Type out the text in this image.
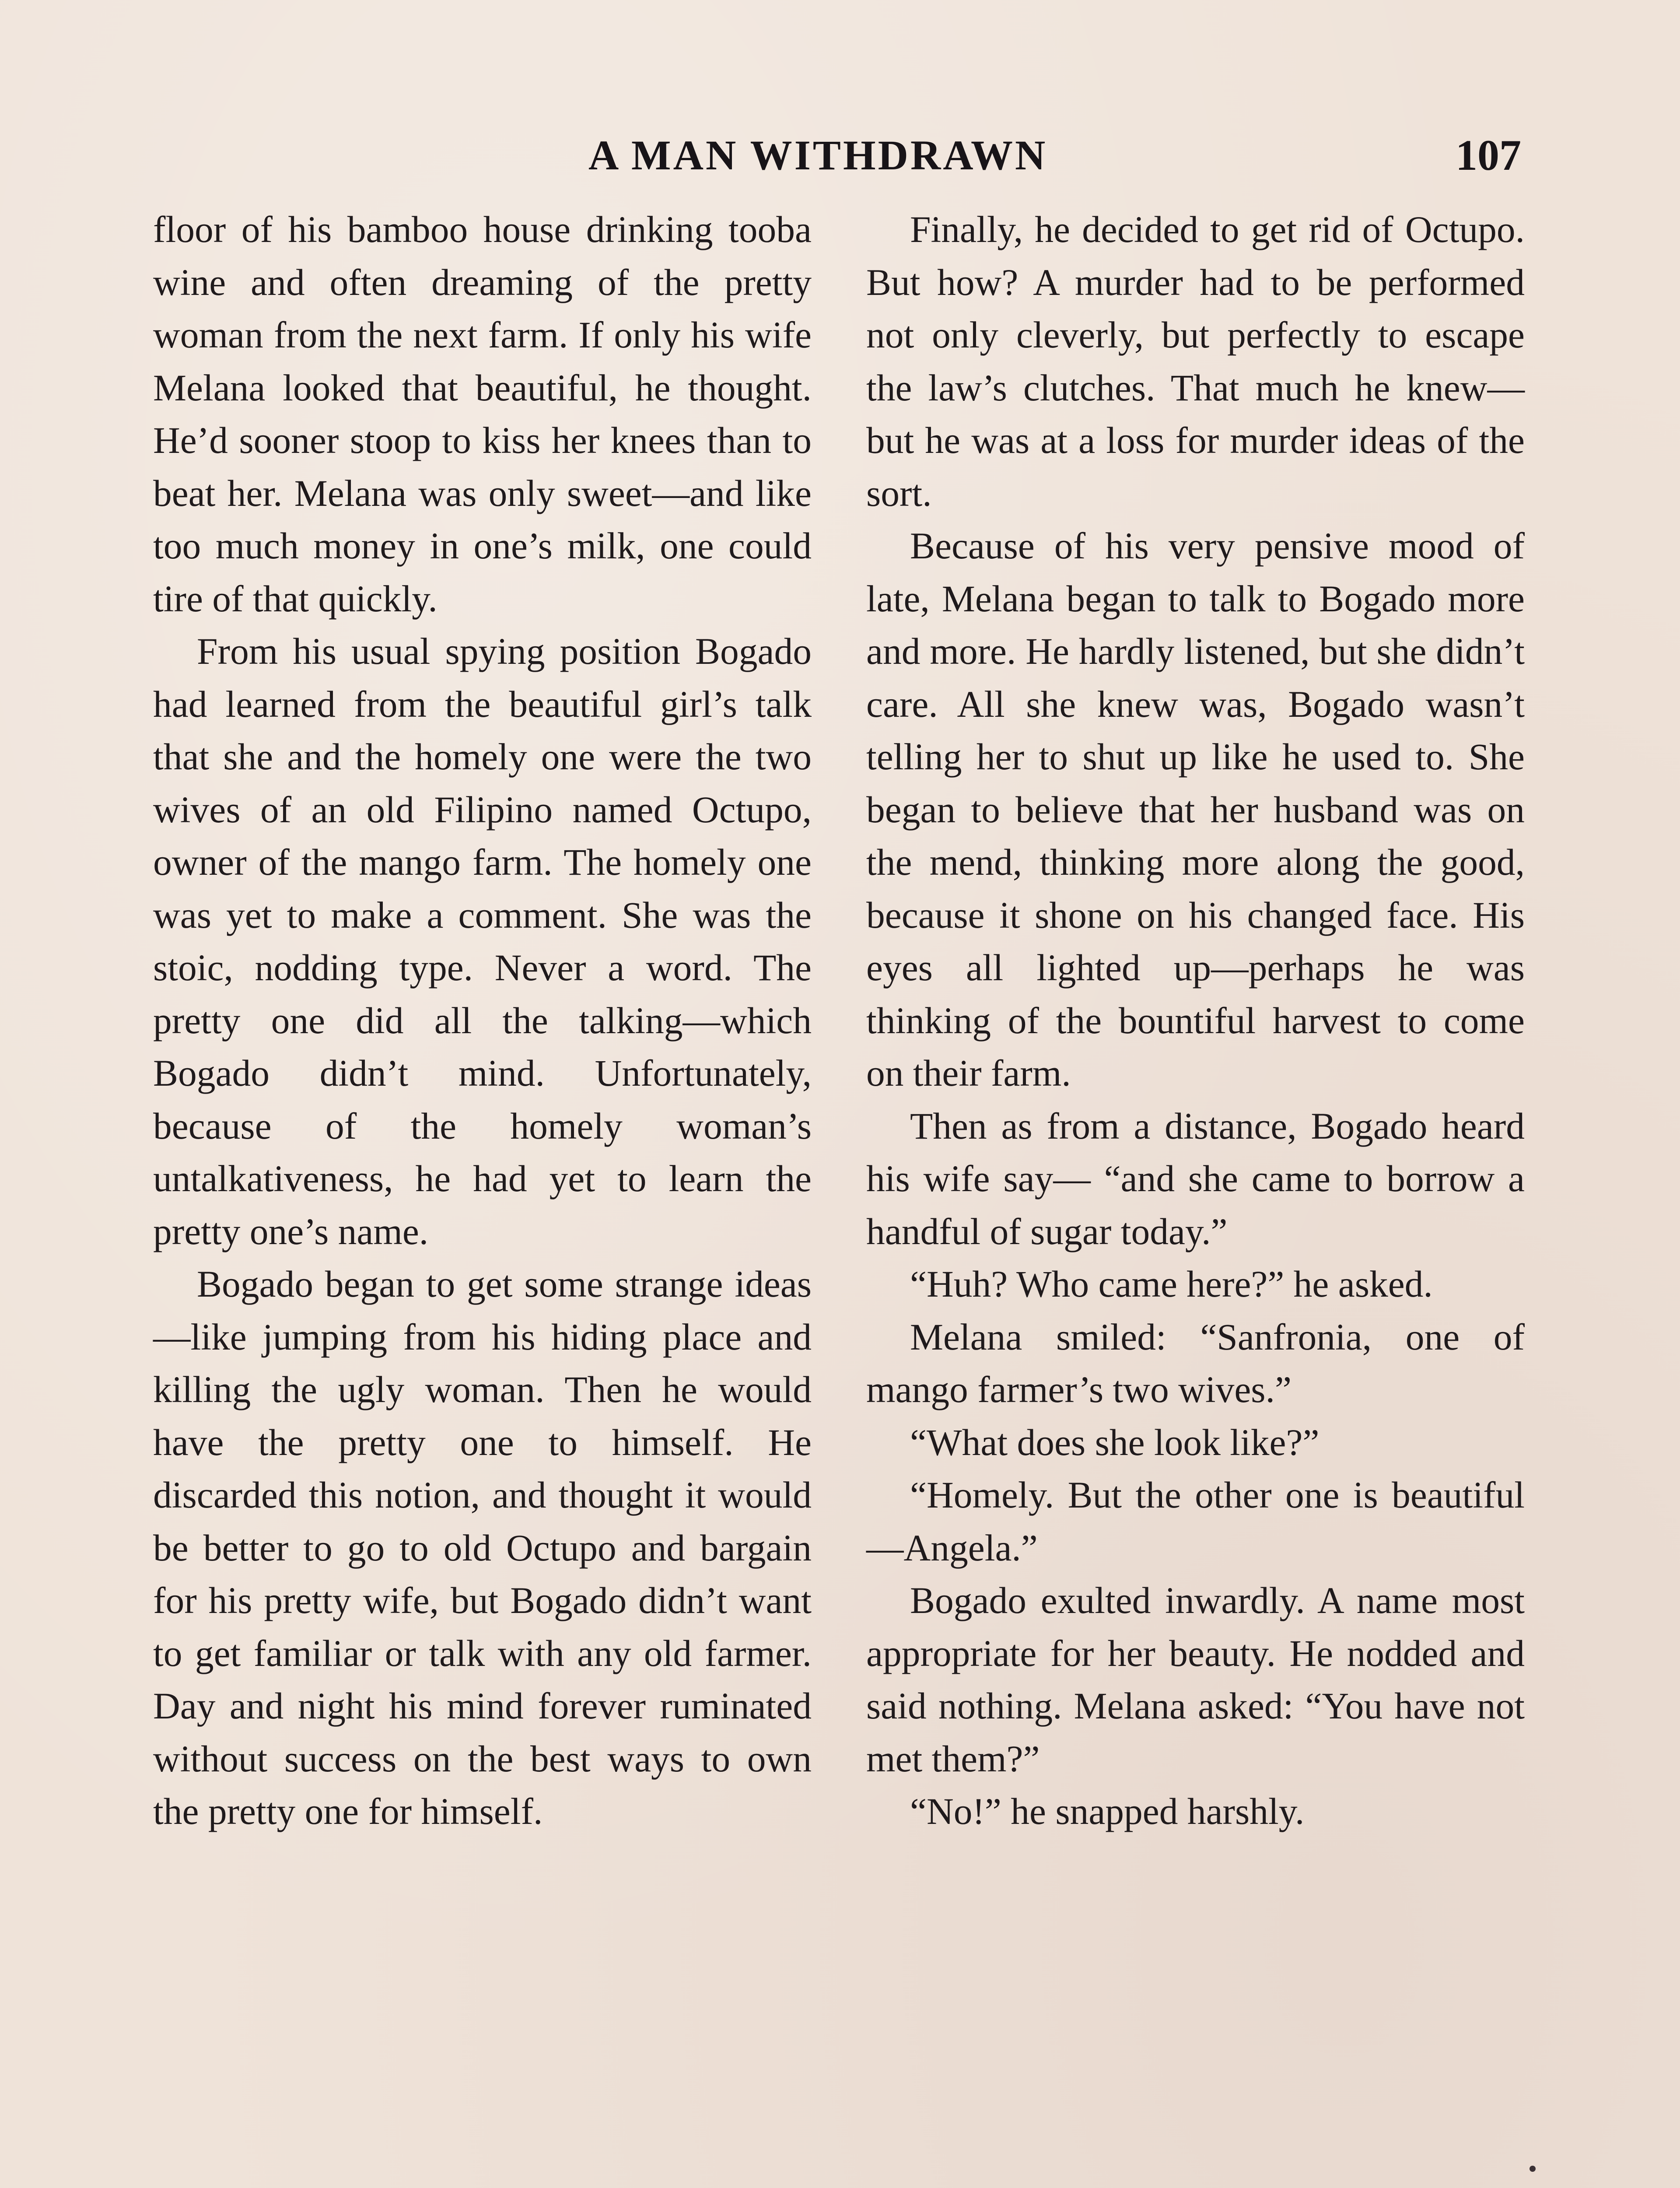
A MAN WITHDRAWN	107

floor of his bamboo house drinking tooba wine and often dreaming of the pretty woman from the next farm. If only his wife Melana looked that beautiful, he thought. He’d sooner stoop to kiss her knees than to beat her. Melana was only sweet—and like too much money in one’s milk, one could tire of that quickly.

From his usual spying position Bogado had learned from the beautiful girl’s talk that she and the homely one were the two wives of an old Filipino named Octupo, owner of the mango farm. The homely one was yet to make a comment. She was the stoic, nodding type. Never a word. The pretty one did all the talking—which Bogado didn’t mind. Unfortunately, because of the homely woman’s untalkativeness, he had yet to learn the pretty one’s name.

Bogado began to get some strange ideas—like jumping from his hiding place and killing the ugly woman. Then he would have the pretty one to himself. He discarded this notion, and thought it would be better to go to old Octupo and bargain for his pretty wife, but Bogado didn’t want to get familiar or talk with any old farmer. Day and night his mind forever ruminated without success on the best ways to own the pretty one for himself.

Finally, he decided to get rid of Octupo. But how? A murder had to be performed not only cleverly, but perfectly to escape the law’s clutches. That much he knew—but he was at a loss for murder ideas of the sort.

Because of his very pensive mood of late, Melana began to talk to Bogado more and more. He hardly listened, but she didn’t care. All she knew was, Bogado wasn’t telling her to shut up like he used to. She began to believe that her husband was on the mend, thinking more along the good, because it shone on his changed face. His eyes all lighted up—perhaps he was thinking of the bountiful harvest to come on their farm.

Then as from a distance, Bogado heard his wife say— “and she came to borrow a handful of sugar today.”

“Huh? Who came here?” he asked.

Melana smiled: “Sanfronia, one of mango farmer’s two wives.”

“What does she look like?”

“Homely. But the other one is beautiful—Angela.”

Bogado exulted inwardly. A name most appropriate for her beauty. He nodded and said nothing. Melana asked: “You have not met them?”

“No!” he snapped harshly.
